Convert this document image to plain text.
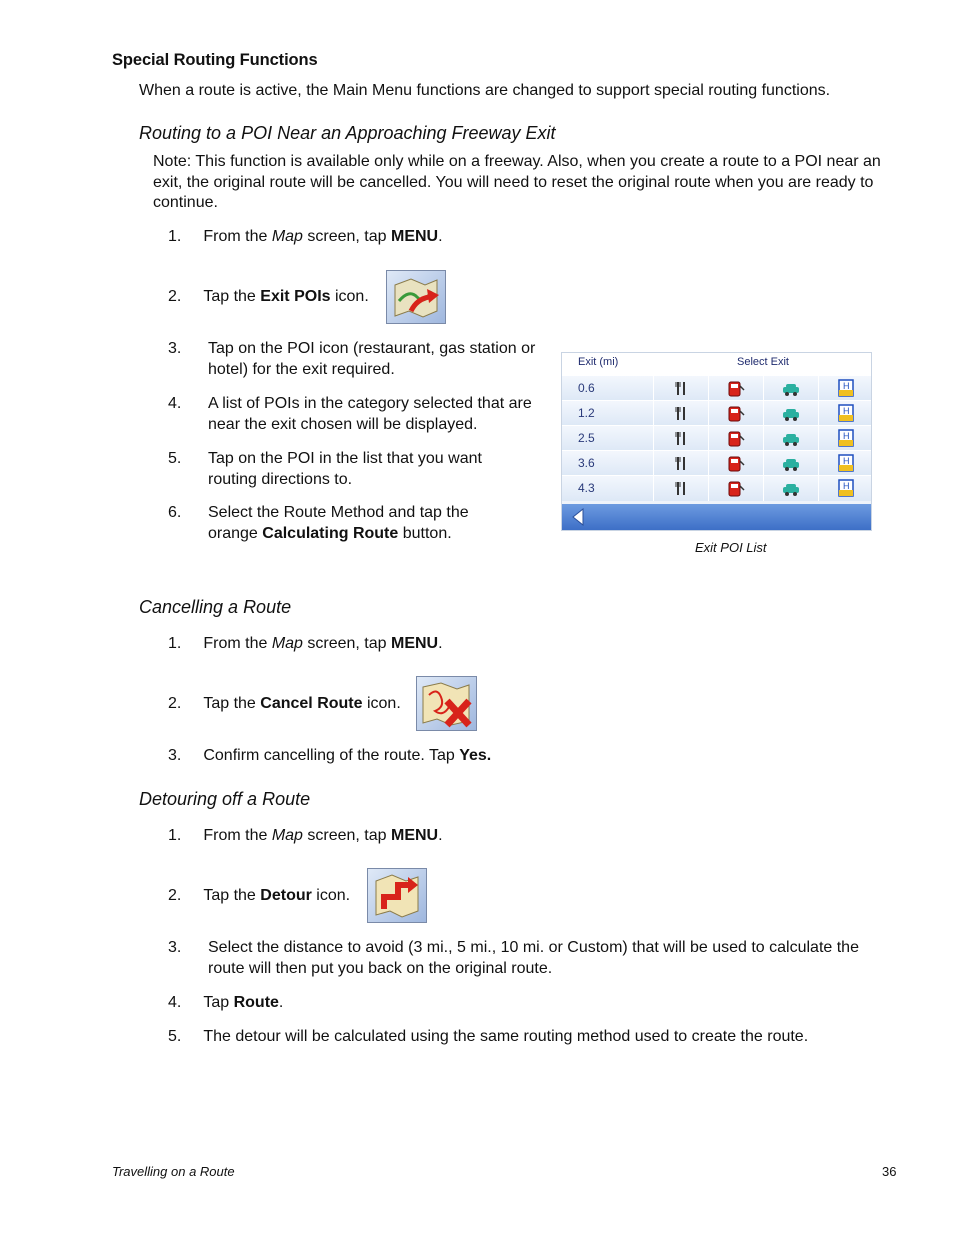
Special Routing Functions
When a route is active, the Main Menu functions are changed to support special routing functions.
Routing to a POI Near an Approaching Freeway Exit
Note: This function is available only while on a freeway. Also, when you create a route to a POI near an exit, the original route will be cancelled. You will need to reset the original route when you are ready to continue.
1. From the Map screen, tap MENU.
2. Tap the Exit POIs icon.
3. Tap on the POI icon (restaurant, gas station or hotel) for the exit required.
4. A list of POIs in the category selected that are near the exit chosen will be displayed.
5. Tap on the POI in the list that you want routing directions to.
6. Select the Route Method and tap the orange Calculating Route button.
Exit (mi)	Select Exit
0.6	H
1.2	H
2.5	H
3.6	H
4.3	H
Exit POI List
Cancelling a Route
1. From the Map screen, tap MENU.
2. Tap the Cancel Route icon.
3. Confirm cancelling of the route. Tap Yes.
Detouring off a Route
1. From the Map screen, tap MENU.
2. Tap the Detour icon.
3. Select the distance to avoid (3 mi., 5 mi., 10 mi. or Custom) that will be used to calculate the route will then put you back on the original route.
4. Tap Route.
5. The detour will be calculated using the same routing method used to create the route.
Travelling on a Route	36
